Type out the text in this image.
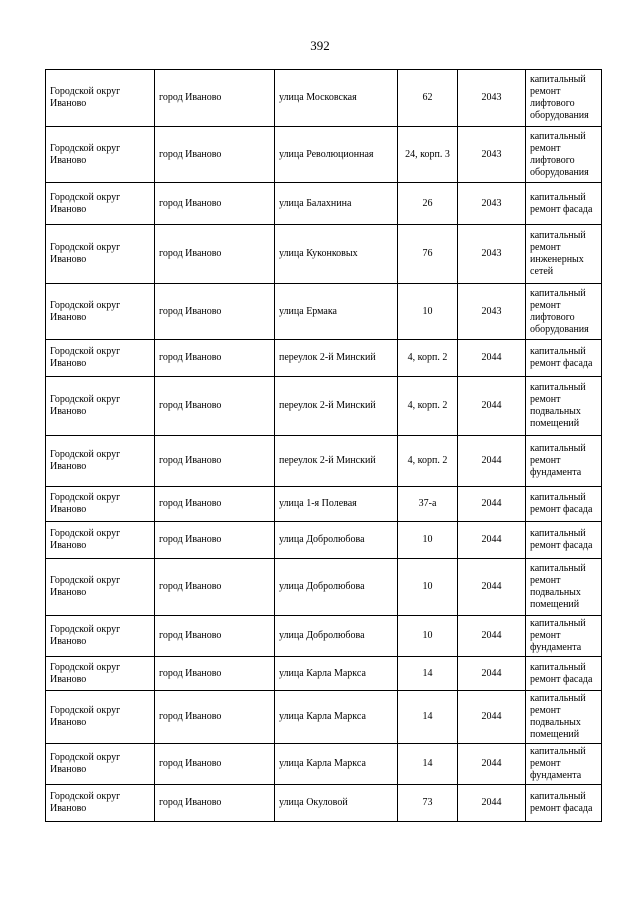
392
Городской округ Иваново	город Иваново	улица Московская	62	2043	капитальный ремонт лифтового оборудования
Городской округ Иваново	город Иваново	улица Революционная	24, корп. 3	2043	капитальный ремонт лифтового оборудования
Городской округ Иваново	город Иваново	улица Балахнина	26	2043	капитальный ремонт фасада
Городской округ Иваново	город Иваново	улица Куконковых	76	2043	капитальный ремонт инженерных сетей
Городской округ Иваново	город Иваново	улица Ермака	10	2043	капитальный ремонт лифтового оборудования
Городской округ Иваново	город Иваново	переулок 2-й Минский	4, корп. 2	2044	капитальный ремонт фасада
Городской округ Иваново	город Иваново	переулок 2-й Минский	4, корп. 2	2044	капитальный ремонт подвальных помещений
Городской округ Иваново	город Иваново	переулок 2-й Минский	4, корп. 2	2044	капитальный ремонт фундамента
Городской округ Иваново	город Иваново	улица 1-я Полевая	37-а	2044	капитальный ремонт фасада
Городской округ Иваново	город Иваново	улица Добролюбова	10	2044	капитальный ремонт фасада
Городской округ Иваново	город Иваново	улица Добролюбова	10	2044	капитальный ремонт подвальных помещений
Городской округ Иваново	город Иваново	улица Добролюбова	10	2044	капитальный ремонт фундамента
Городской округ Иваново	город Иваново	улица Карла Маркса	14	2044	капитальный ремонт фасада
Городской округ Иваново	город Иваново	улица Карла Маркса	14	2044	капитальный ремонт подвальных помещений
Городской округ Иваново	город Иваново	улица Карла Маркса	14	2044	капитальный ремонт фундамента
Городской округ Иваново	город Иваново	улица Окуловой	73	2044	капитальный ремонт фасада
